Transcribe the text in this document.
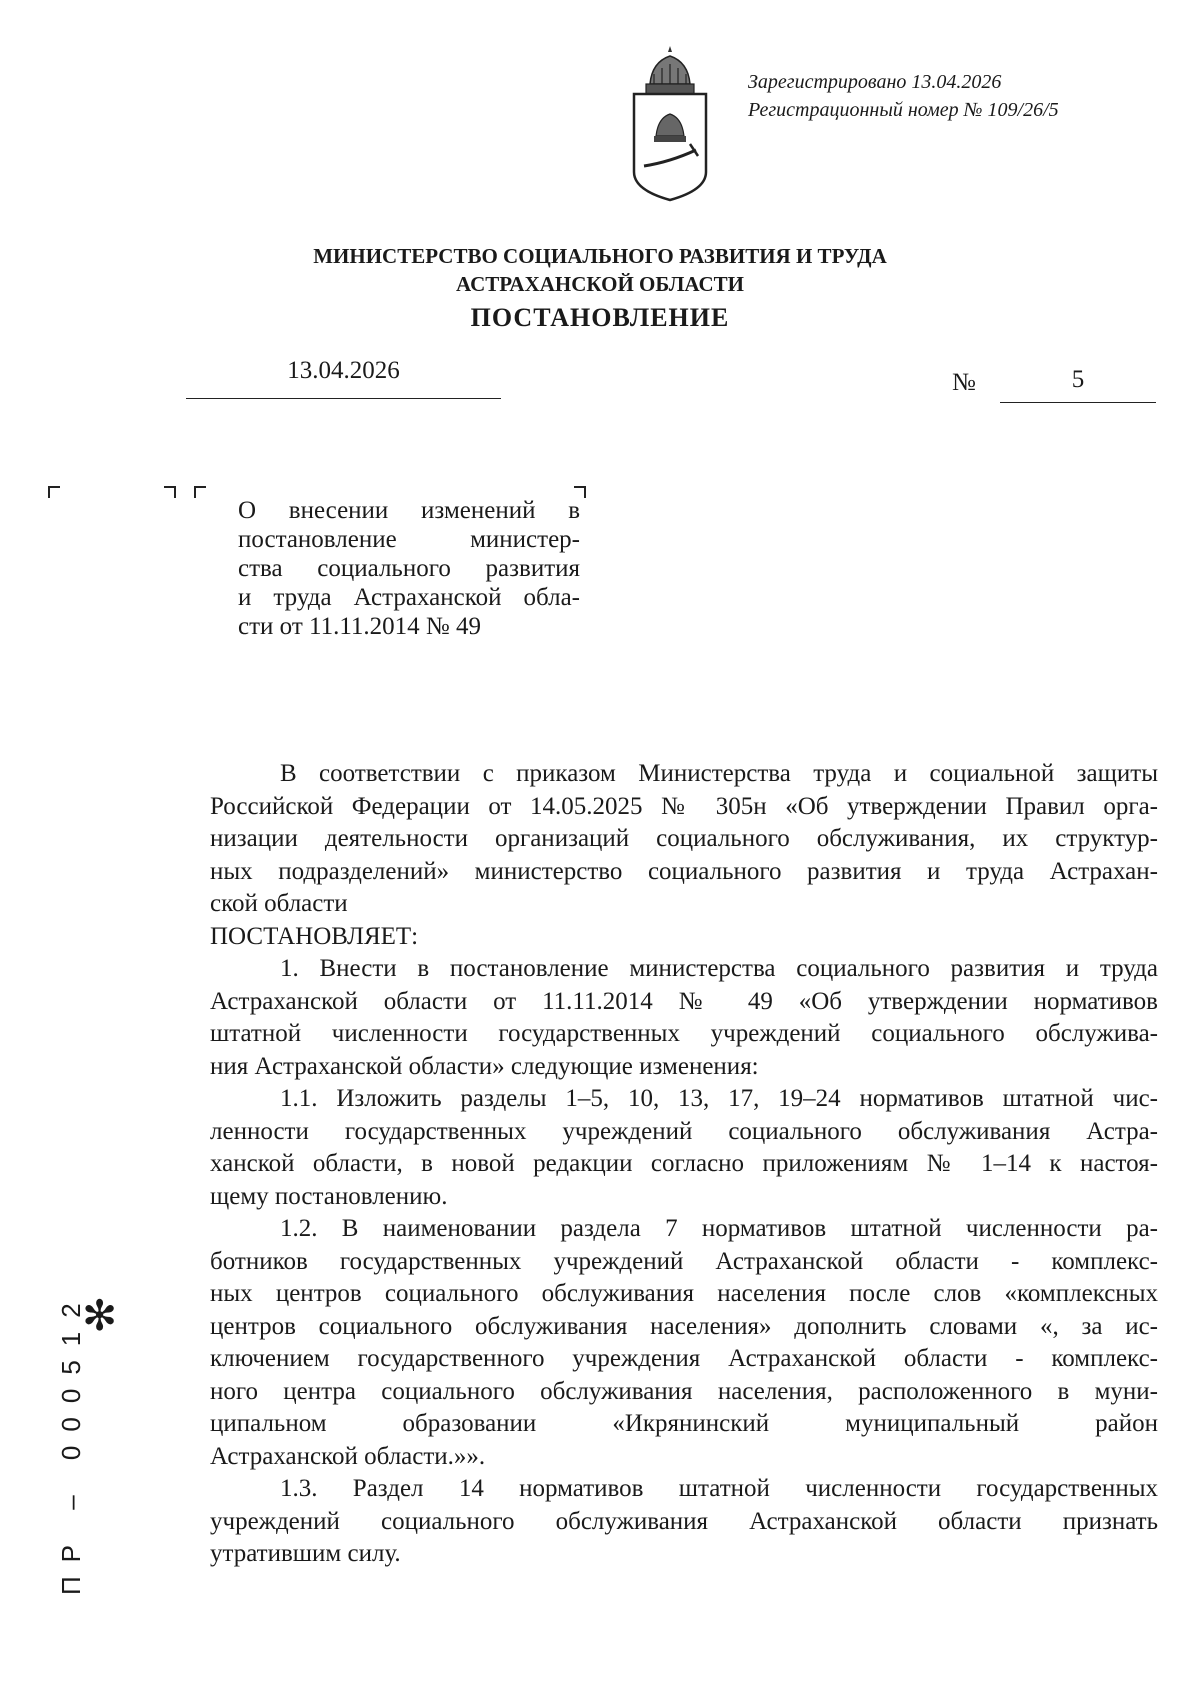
Зарегистрировано 13.04.2026
Регистрационный номер № 109/26/5
МИНИСТЕРСТВО СОЦИАЛЬНОГО РАЗВИТИЯ И ТРУДА
АСТРАХАНСКОЙ ОБЛАСТИ
ПОСТАНОВЛЕНИЕ
13.04.2026	№	5
О внесении изменений в
постановление министер-
ства социального развития
и труда Астраханской обла-
сти от 11.11.2014 № 49

В соответствии с приказом Министерства труда и социальной защиты
Российской Федерации от 14.05.2025 № 305н «Об утверждении Правил орга-
низации деятельности организаций социального обслуживания, их структур-
ных подразделений» министерство социального развития и труда Астрахан-
ской области

ПОСТАНОВЛЯЕТ:

1. Внести в постановление министерства социального развития и труда
Астраханской области от 11.11.2014 № 49 «Об утверждении нормативов
штатной численности государственных учреждений социального обслужива-
ния Астраханской области» следующие изменения:

1.1. Изложить разделы 1–5, 10, 13, 17, 19–24 нормативов штатной чис-
ленности государственных учреждений социального обслуживания Астра-
ханской области, в новой редакции согласно приложениям № 1–14 к настоя-
щему постановлению.

1.2. В наименовании раздела 7 нормативов штатной численности ра-
ботников государственных учреждений Астраханской области - комплекс-
ных центров социального обслуживания населения после слов «комплексных
центров социального обслуживания населения» дополнить словами «, за ис-
ключением государственного учреждения Астраханской области - комплекс-
ного центра социального обслуживания населения, расположенного в муни-
ципальном образовании «Икрянинский муниципальный район
Астраханской области.»».

1.3. Раздел 14 нормативов штатной численности государственных
учреждений социального обслуживания Астраханской области признать
утратившим силу.

✻
ПР – 000512
